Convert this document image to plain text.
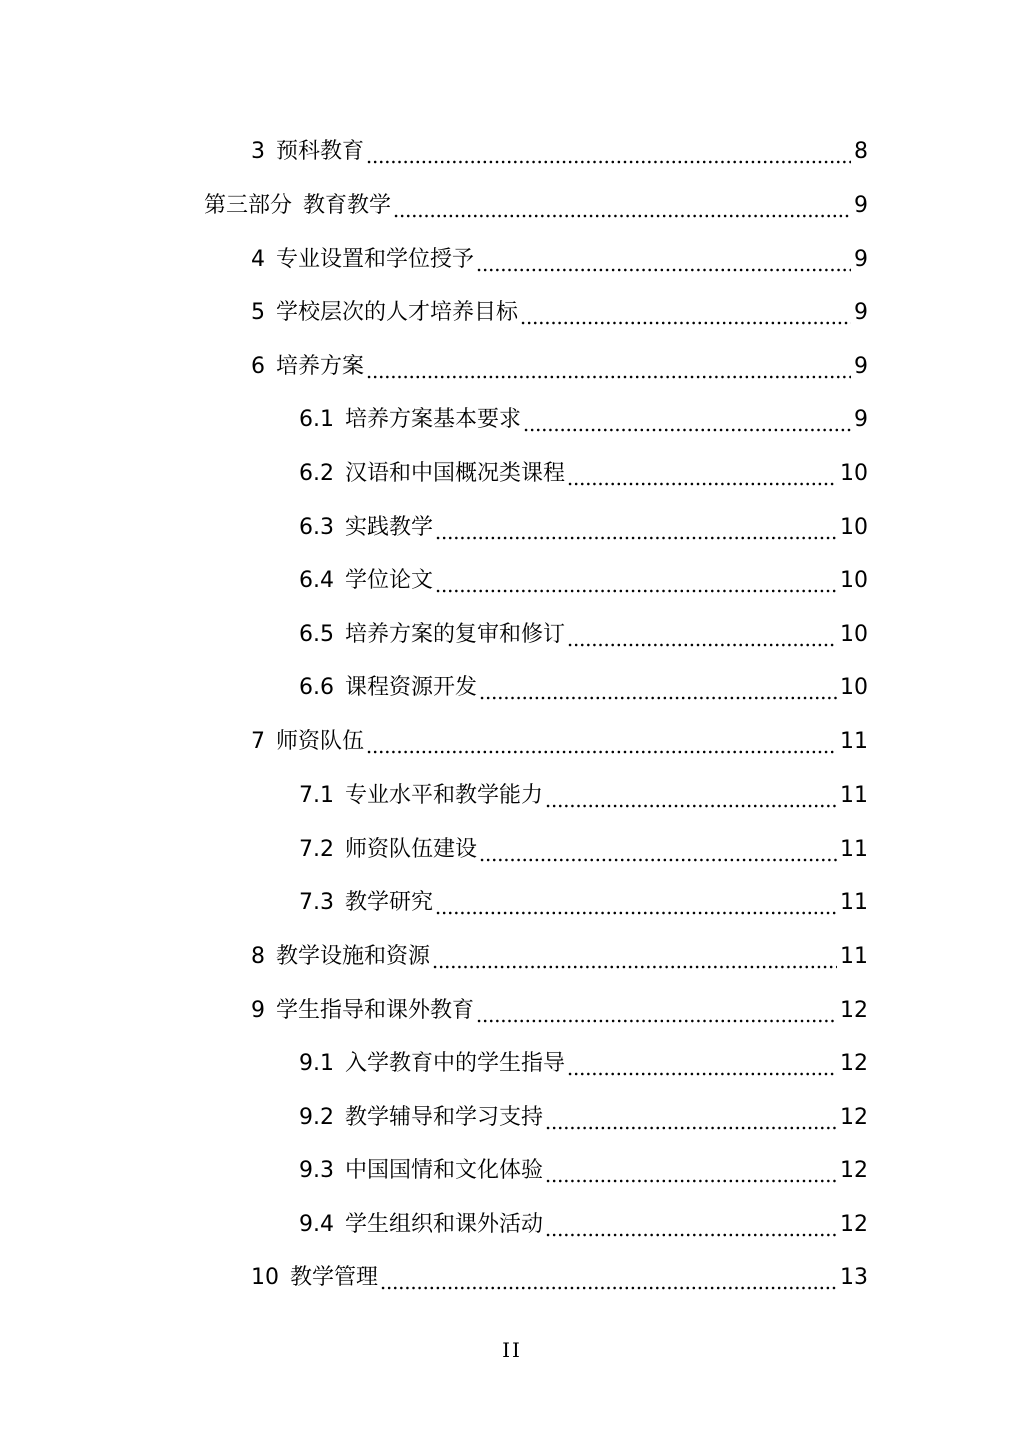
3 预科教育	8
第三部分 教育教学	9
4 专业设置和学位授予	9
5 学校层次的人才培养目标	9
6 培养方案	9
6.1 培养方案基本要求	9
6.2 汉语和中国概况类课程	10
6.3 实践教学	10
6.4 学位论文	10
6.5 培养方案的复审和修订	10
6.6 课程资源开发	10
7 师资队伍	11
7.1 专业水平和教学能力	11
7.2 师资队伍建设	11
7.3 教学研究	11
8 教学设施和资源	11
9 学生指导和课外教育	12
9.1 入学教育中的学生指导	12
9.2 教学辅导和学习支持	12
9.3 中国国情和文化体验	12
9.4 学生组织和课外活动	12
10 教学管理	13
II
